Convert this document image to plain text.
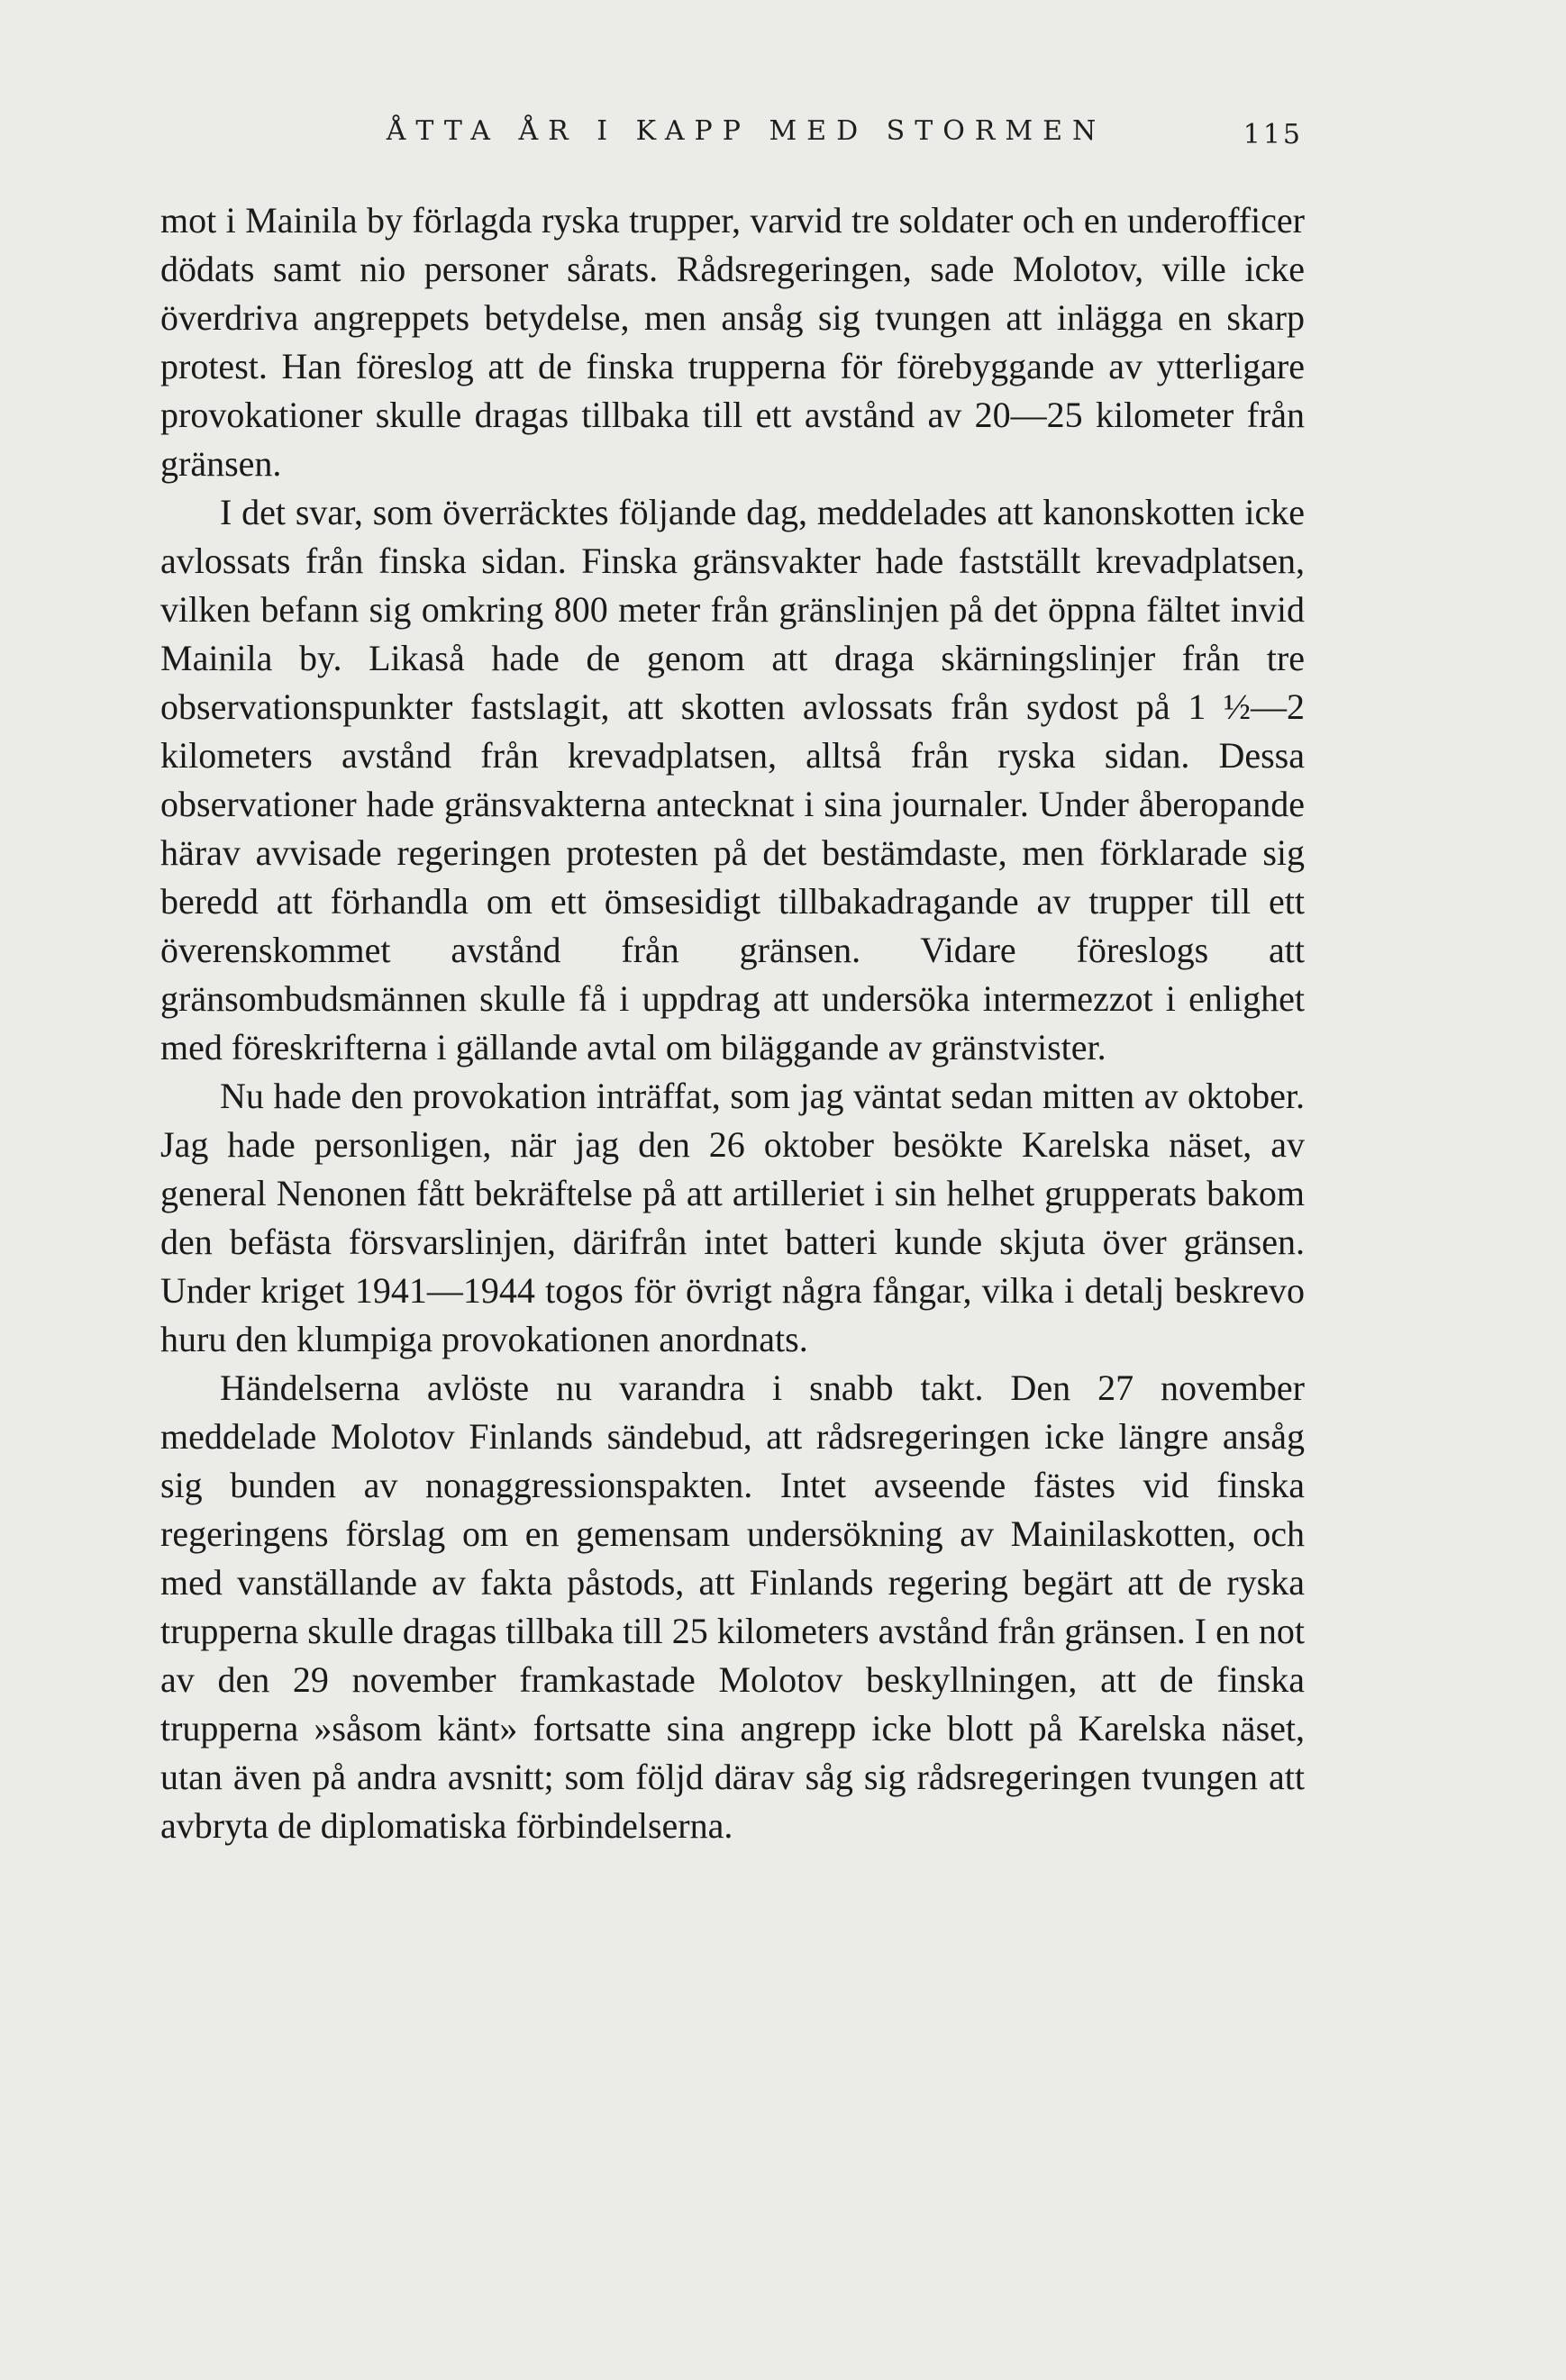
ÅTTA ÅR I KAPP MED STORMEN	115

mot i Mainila by förlagda ryska trupper, varvid tre soldater och en underofficer dödats samt nio personer sårats. Rådsregeringen, sade Molotov, ville icke överdriva angreppets betydelse, men ansåg sig tvungen att inlägga en skarp protest. Han föreslog att de finska trupperna för förebyggande av ytterligare provokationer skulle dragas tillbaka till ett avstånd av 20—25 kilometer från gränsen.

I det svar, som överräcktes följande dag, meddelades att kanonskotten icke avlossats från finska sidan. Finska gränsvakter hade fastställt krevadplatsen, vilken befann sig omkring 800 meter från gränslinjen på det öppna fältet invid Mainila by. Likaså hade de genom att draga skärningslinjer från tre observationspunkter fastslagit, att skotten avlossats från sydost på 1 ½—2 kilometers avstånd från krevadplatsen, alltså från ryska sidan. Dessa observationer hade gränsvakterna antecknat i sina journaler. Under åberopande härav avvisade regeringen protesten på det bestämdaste, men förklarade sig beredd att förhandla om ett ömsesidigt tillbakadragande av trupper till ett överenskommet avstånd från gränsen. Vidare föreslogs att gränsombudsmännen skulle få i uppdrag att undersöka intermezzot i enlighet med föreskrifterna i gällande avtal om biläggande av gränstvister.

Nu hade den provokation inträffat, som jag väntat sedan mitten av oktober. Jag hade personligen, när jag den 26 oktober besökte Karelska näset, av general Nenonen fått bekräftelse på att artilleriet i sin helhet grupperats bakom den befästa försvarslinjen, därifrån intet batteri kunde skjuta över gränsen. Under kriget 1941—1944 togos för övrigt några fångar, vilka i detalj beskrevo huru den klumpiga provokationen anordnats.

Händelserna avlöste nu varandra i snabb takt. Den 27 november meddelade Molotov Finlands sändebud, att rådsregeringen icke längre ansåg sig bunden av nonaggressionspakten. Intet avseende fästes vid finska regeringens förslag om en gemensam undersökning av Mainilaskotten, och med vanställande av fakta påstods, att Finlands regering begärt att de ryska trupperna skulle dragas tillbaka till 25 kilometers avstånd från gränsen. I en not av den 29 november framkastade Molotov beskyllningen, att de finska trupperna »såsom känt» fortsatte sina angrepp icke blott på Karelska näset, utan även på andra avsnitt; som följd därav såg sig rådsregeringen tvungen att avbryta de diplomatiska förbindelserna.
